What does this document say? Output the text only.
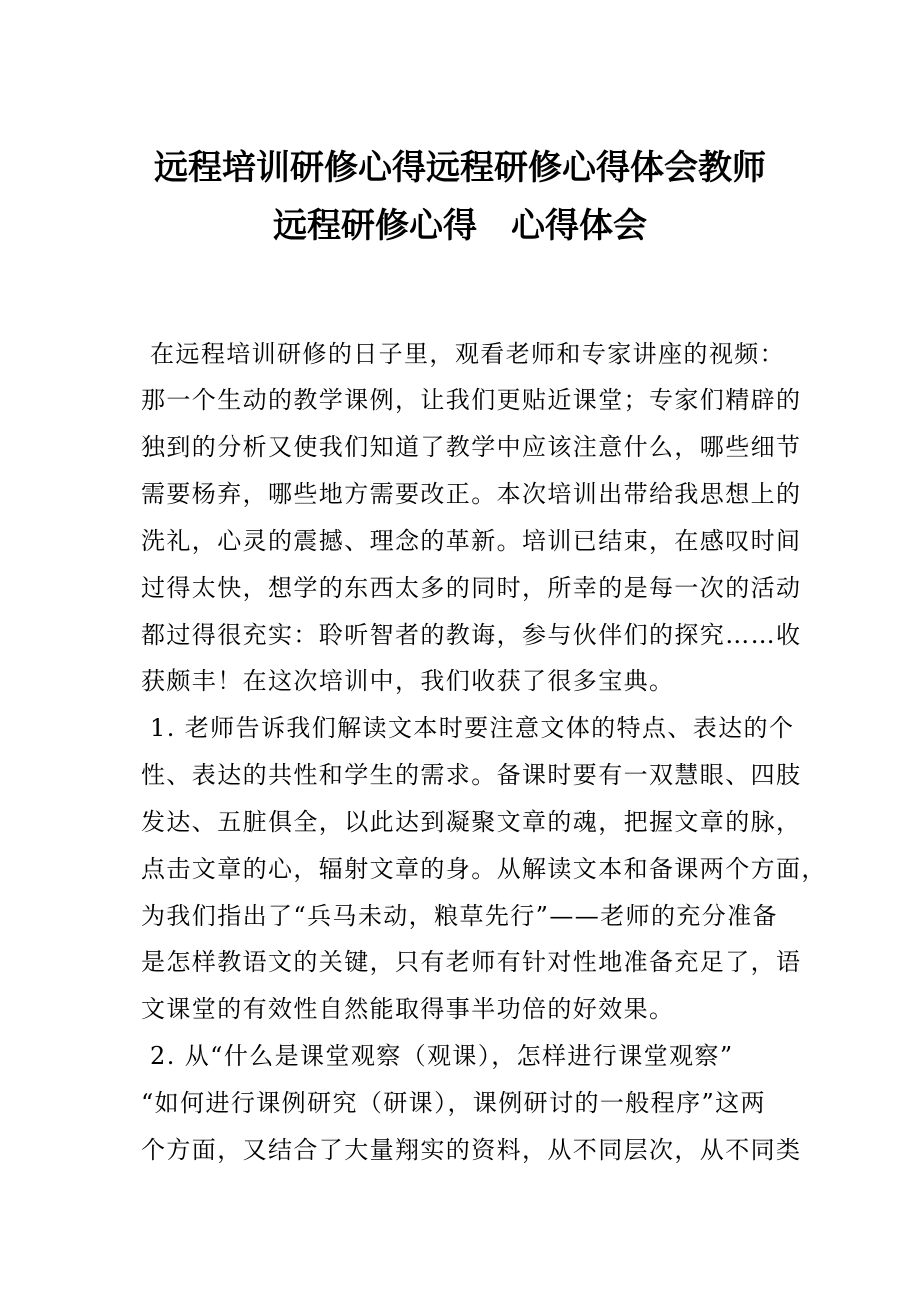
远程培训研修心得远程研修心得体会教师
远程研修心得　心得体会
在远程培训研修的日子里，观看老师和专家讲座的视频：
那一个生动的教学课例，让我们更贴近课堂；专家们精辟的
独到的分析又使我们知道了教学中应该注意什么，哪些细节
需要杨弃，哪些地方需要改正。本次培训出带给我思想上的
洗礼，心灵的震撼、理念的革新。培训已结束，在感叹时间
过得太快，想学的东西太多的同时，所幸的是每一次的活动
都过得很充实：聆听智者的教诲，参与伙伴们的探究……收
获颇丰！在这次培训中，我们收获了很多宝典。
1. 老师告诉我们解读文本时要注意文体的特点、表达的个
性、表达的共性和学生的需求。备课时要有一双慧眼、四肢
发达、五脏俱全，以此达到凝聚文章的魂，把握文章的脉，
点击文章的心，辐射文章的身。从解读文本和备课两个方面，
为我们指出了“兵马未动，粮草先行”——老师的充分准备
是怎样教语文的关键，只有老师有针对性地准备充足了，语
文课堂的有效性自然能取得事半功倍的好效果。
2. 从“什么是课堂观察（观课），怎样进行课堂观察”
“如何进行课例研究（研课），课例研讨的一般程序”这两
个方面，又结合了大量翔实的资料，从不同层次，从不同类
